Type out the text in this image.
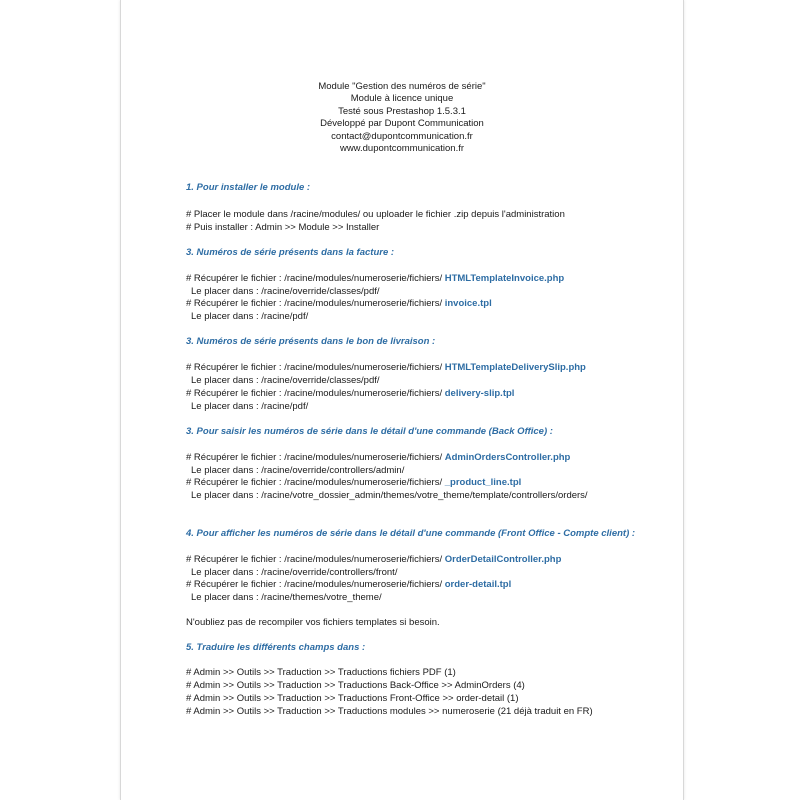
Module "Gestion des numéros de série"
Module à licence unique
Testé sous Prestashop 1.5.3.1
Développé par Dupont Communication
contact@dupontcommunication.fr
www.dupontcommunication.fr
1. Pour installer le module :
# Placer le module dans /racine/modules/ ou uploader le fichier .zip depuis l'administration
# Puis installer : Admin >> Module >> Installer
3. Numéros de série présents dans la facture :
# Récupérer le fichier : /racine/modules/numeroserie/fichiers/ HTMLTemplateInvoice.php
Le placer dans : /racine/override/classes/pdf/
# Récupérer le fichier : /racine/modules/numeroserie/fichiers/ invoice.tpl
Le placer dans : /racine/pdf/
3. Numéros de série présents dans le bon de livraison :
# Récupérer le fichier : /racine/modules/numeroserie/fichiers/ HTMLTemplateDeliverySlip.php
Le placer dans : /racine/override/classes/pdf/
# Récupérer le fichier : /racine/modules/numeroserie/fichiers/ delivery-slip.tpl
Le placer dans : /racine/pdf/
3. Pour saisir les numéros de série dans le détail d'une commande (Back Office) :
# Récupérer le fichier : /racine/modules/numeroserie/fichiers/ AdminOrdersController.php
Le placer dans : /racine/override/controllers/admin/
# Récupérer le fichier : /racine/modules/numeroserie/fichiers/ _product_line.tpl
Le placer dans : /racine/votre_dossier_admin/themes/votre_theme/template/controllers/orders/
4. Pour afficher les numéros de série dans le détail d'une commande (Front Office - Compte client) :
# Récupérer le fichier : /racine/modules/numeroserie/fichiers/ OrderDetailController.php
Le placer dans : /racine/override/controllers/front/
# Récupérer le fichier : /racine/modules/numeroserie/fichiers/ order-detail.tpl
Le placer dans : /racine/themes/votre_theme/
N'oubliez pas de recompiler vos fichiers templates si besoin.
5. Traduire les différents champs dans :
# Admin >> Outils >> Traduction >> Traductions fichiers PDF (1)
# Admin >> Outils >> Traduction >> Traductions Back-Office >> AdminOrders (4)
# Admin >> Outils >> Traduction >> Traductions Front-Office >> order-detail (1)
# Admin >> Outils >> Traduction >> Traductions modules >> numeroserie (21 déjà traduit en FR)
